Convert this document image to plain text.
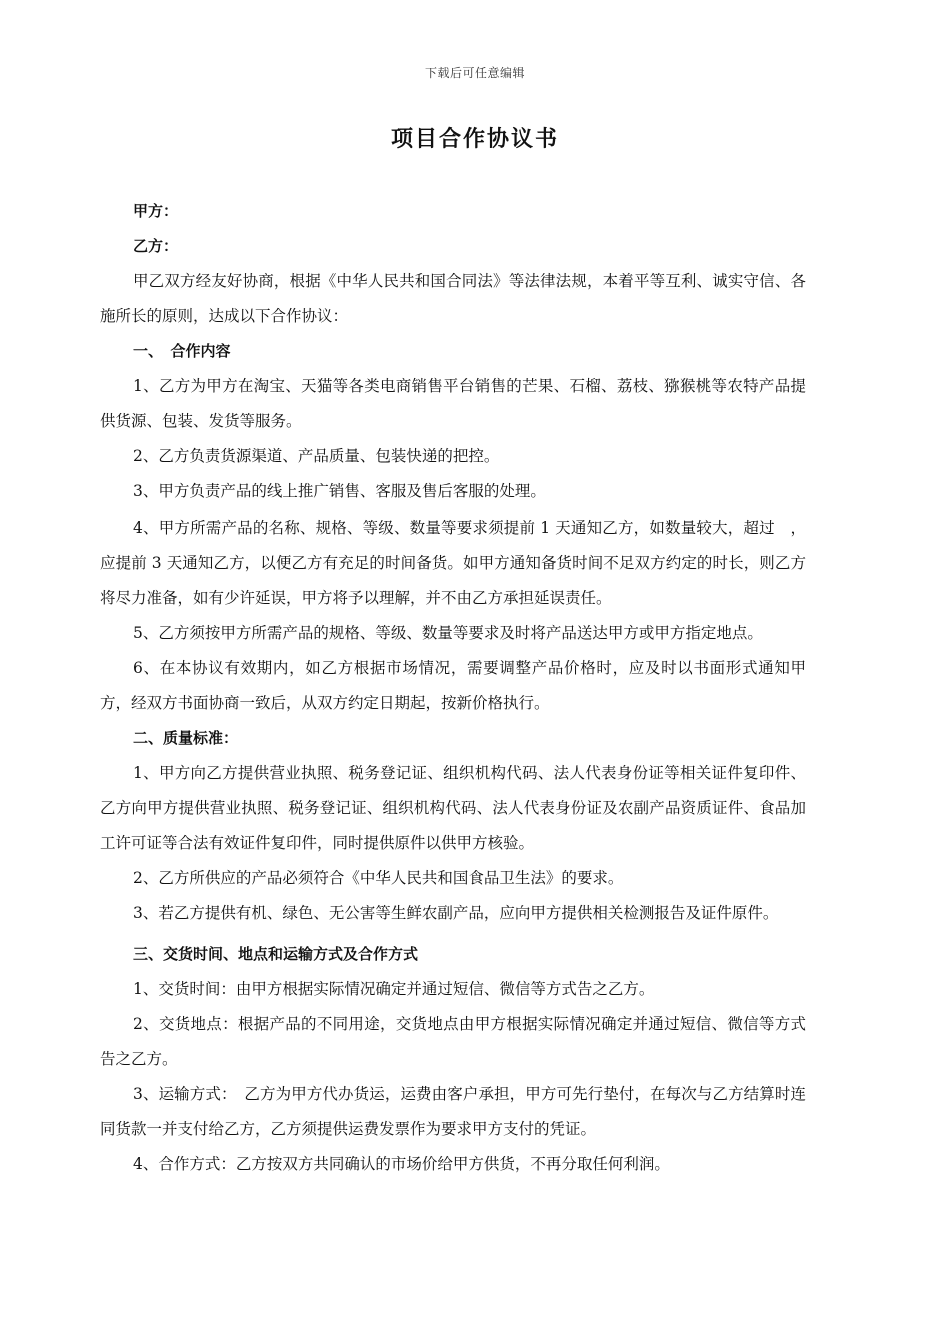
下载后可任意编辑
项目合作协议书

甲方：

乙方：

甲乙双方经友好协商，根据《中华人民共和国合同法》等法律法规，本着平等互利、诚实守信、各施所长的原则，达成以下合作协议：

一、　合作内容

1、乙方为甲方在淘宝、天猫等各类电商销售平台销售的芒果、石榴、荔枝、猕猴桃等农特产品提供货源、包装、发货等服务。

2、乙方负责货源渠道、产品质量、包装快递的把控。

3、甲方负责产品的线上推广销售、客服及售后客服的处理。

4、甲方所需产品的名称、规格、等级、数量等要求须提前 1 天通知乙方，如数量较大，超过　，应提前 3 天通知乙方，以便乙方有充足的时间备货。如甲方通知备货时间不足双方约定的时长，则乙方将尽力准备，如有少许延误，甲方将予以理解，并不由乙方承担延误责任。

5、乙方须按甲方所需产品的规格、等级、数量等要求及时将产品送达甲方或甲方指定地点。

6、在本协议有效期内，如乙方根据市场情况，需要调整产品价格时，应及时以书面形式通知甲方，经双方书面协商一致后，从双方约定日期起，按新价格执行。

二、质量标准：

1、甲方向乙方提供营业执照、税务登记证、组织机构代码、法人代表身份证等相关证件复印件、乙方向甲方提供营业执照、税务登记证、组织机构代码、法人代表身份证及农副产品资质证件、食品加工许可证等合法有效证件复印件，同时提供原件以供甲方核验。

2、乙方所供应的产品必须符合《中华人民共和国食品卫生法》的要求。

3、若乙方提供有机、绿色、无公害等生鲜农副产品，应向甲方提供相关检测报告及证件原件。

三、交货时间、地点和运输方式及合作方式

1、交货时间：由甲方根据实际情况确定并通过短信、微信等方式告之乙方。

2、交货地点：根据产品的不同用途，交货地点由甲方根据实际情况确定并通过短信、微信等方式告之乙方。

3、运输方式：　乙方为甲方代办货运，运费由客户承担，甲方可先行垫付，在每次与乙方结算时连同货款一并支付给乙方，乙方须提供运费发票作为要求甲方支付的凭证。

4、合作方式：乙方按双方共同确认的市场价给甲方供货，不再分取任何利润。
